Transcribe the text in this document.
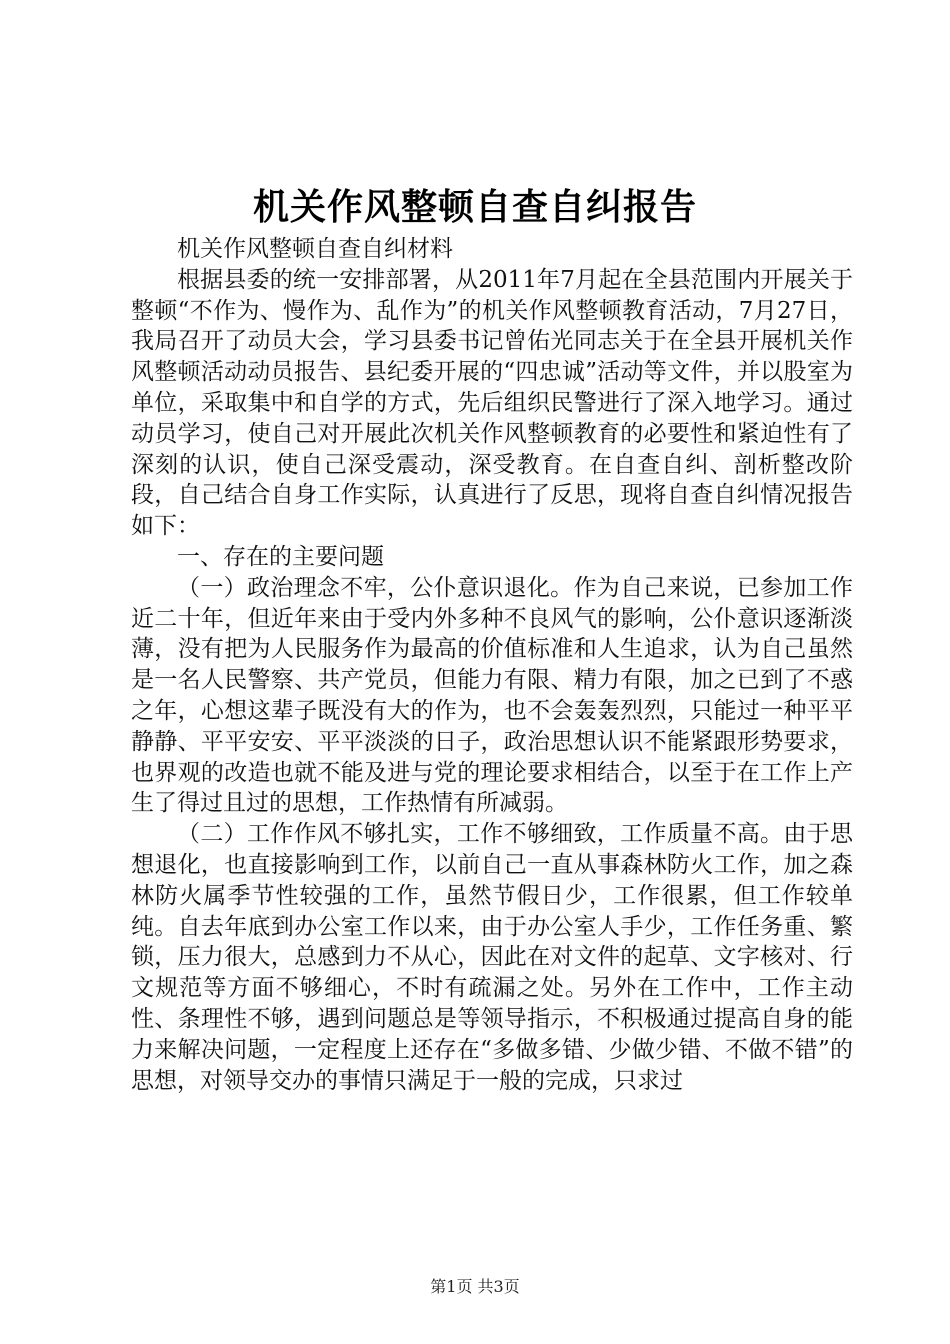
机关作风整顿自查自纠报告

机关作风整顿自查自纠材料

根据县委的统一安排部署，从2011年7月起在全县范围内开展关于整顿“不作为、慢作为、乱作为”的机关作风整顿教育活动，7月27日，我局召开了动员大会，学习县委书记曾佑光同志关于在全县开展机关作风整顿活动动员报告、县纪委开展的“四忠诚”活动等文件，并以股室为单位，采取集中和自学的方式，先后组织民警进行了深入地学习。通过动员学习，使自己对开展此次机关作风整顿教育的必要性和紧迫性有了深刻的认识，使自己深受震动，深受教育。在自查自纠、剖析整改阶段，自己结合自身工作实际，认真进行了反思，现将自查自纠情况报告如下：

一、存在的主要问题

（一）政治理念不牢，公仆意识退化。作为自己来说，已参加工作近二十年，但近年来由于受内外多种不良风气的影响，公仆意识逐渐淡薄，没有把为人民服务作为最高的价值标准和人生追求，认为自己虽然是一名人民警察、共产党员，但能力有限、精力有限，加之已到了不惑之年，心想这辈子既没有大的作为，也不会轰轰烈烈，只能过一种平平静静、平平安安、平平淡淡的日子，政治思想认识不能紧跟形势要求，也界观的改造也就不能及进与党的理论要求相结合，以至于在工作上产生了得过且过的思想，工作热情有所减弱。

（二）工作作风不够扎实，工作不够细致，工作质量不高。由于思想退化，也直接影响到工作，以前自己一直从事森林防火工作，加之森林防火属季节性较强的工作，虽然节假日少，工作很累，但工作较单纯。自去年底到办公室工作以来，由于办公室人手少，工作任务重、繁锁，压力很大，总感到力不从心，因此在对文件的起草、文字核对、行文规范等方面不够细心，不时有疏漏之处。另外在工作中，工作主动性、条理性不够，遇到问题总是等领导指示，不积极通过提高自身的能力来解决问题，一定程度上还存在“多做多错、少做少错、不做不错”的思想，对领导交办的事情只满足于一般的完成，只求过

第1页 共3页
